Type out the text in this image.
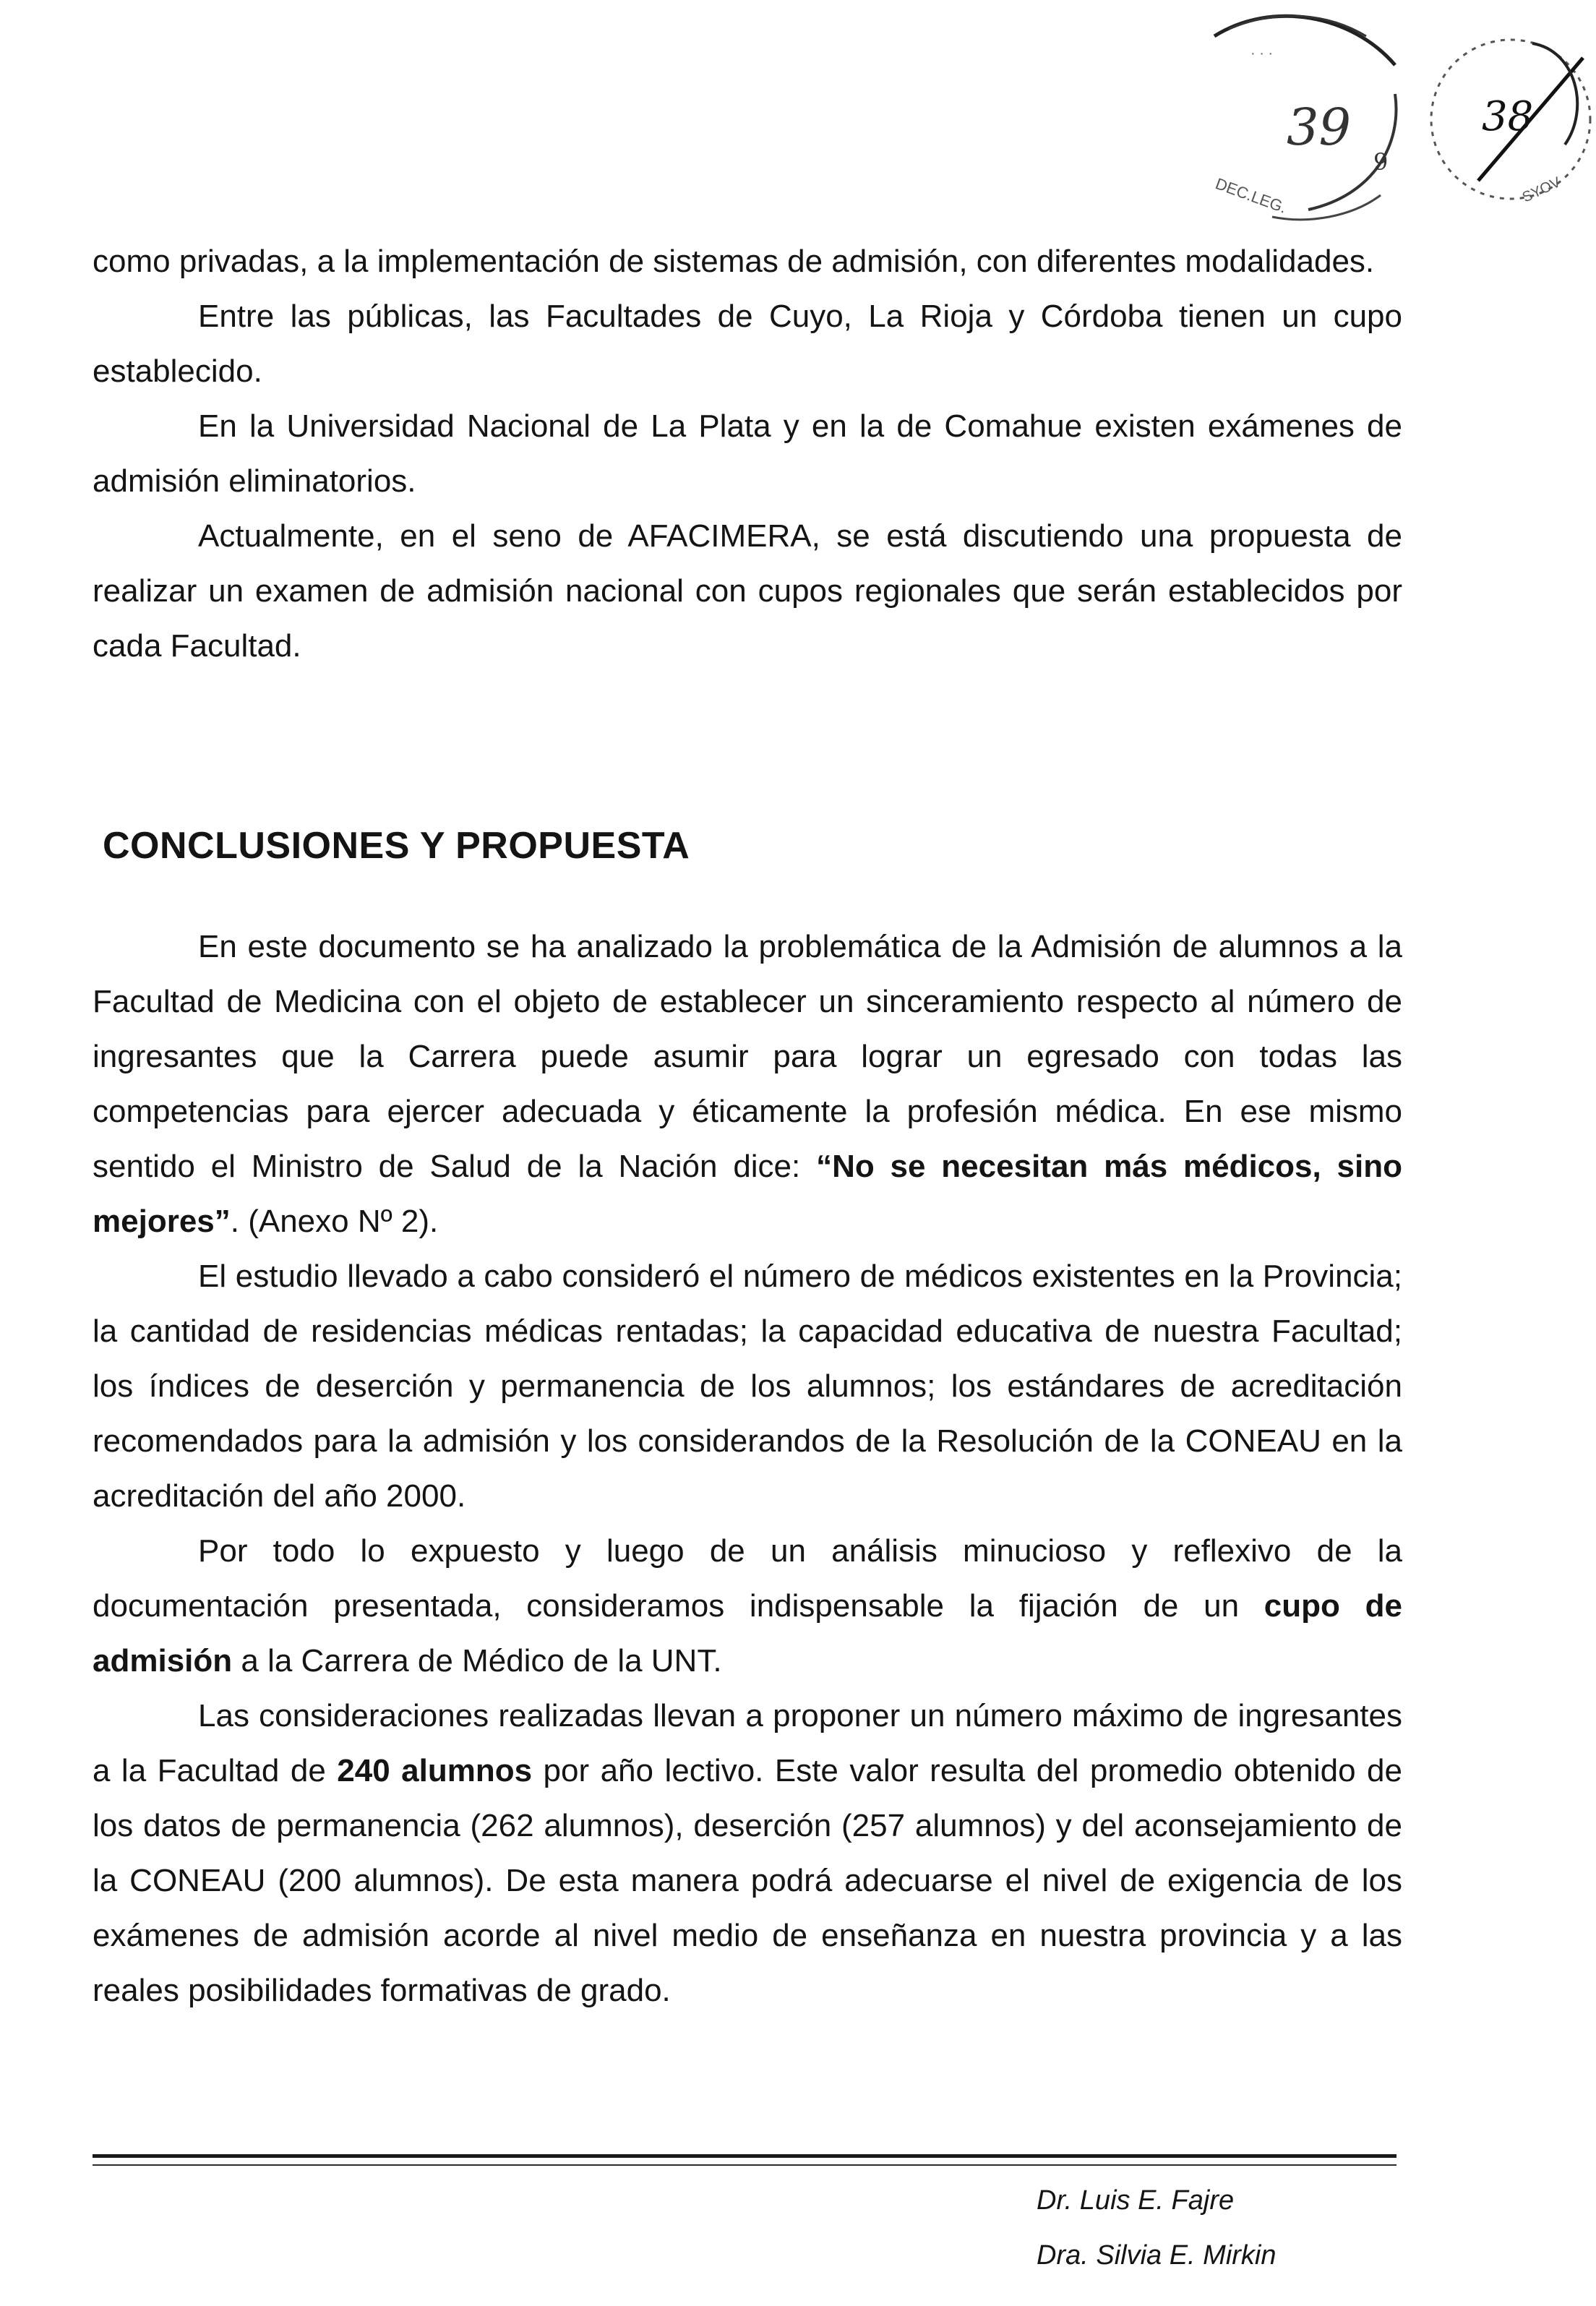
DEC.LEG.
· · ·
39
9
38
SYOV

como privadas, a la implementación de sistemas de admisión, con diferentes modalidades.

Entre las públicas, las Facultades de Cuyo, La Rioja y Córdoba tienen un cupo establecido.

En la Universidad Nacional de La Plata y en la de Comahue existen exámenes de admisión eliminatorios.

Actualmente, en el seno de AFACIMERA, se está discutiendo una propuesta de realizar un examen de admisión nacional con cupos regionales que serán establecidos por cada Facultad.

CONCLUSIONES Y PROPUESTA

En este documento se ha analizado la problemática de la Admisión de alumnos a la Facultad de Medicina con el objeto de establecer un sinceramiento respecto al número de ingresantes que la Carrera puede asumir para lograr un egresado con todas las competencias para ejercer adecuada y éticamente la profesión médica. En ese mismo sentido el Ministro de Salud de la Nación dice: “No se necesitan más médicos, sino mejores”. (Anexo Nº 2).

El estudio llevado a cabo consideró el número de médicos existentes en la Provincia; la cantidad de residencias médicas rentadas; la capacidad educativa de nuestra Facultad; los índices de deserción y permanencia de los alumnos; los estándares de acreditación recomendados para la admisión y los considerandos de la Resolución de la CONEAU en la acreditación del año 2000.

Por todo lo expuesto y luego de un análisis minucioso y reflexivo de la documentación presentada, consideramos indispensable la fijación de un cupo de admisión a la Carrera de Médico de la UNT.

Las consideraciones realizadas llevan a proponer un número máximo de ingresantes a la Facultad de 240 alumnos por año lectivo. Este valor resulta del promedio obtenido de los datos de permanencia (262 alumnos), deserción (257 alumnos) y del aconsejamiento de la CONEAU (200 alumnos). De esta manera podrá adecuarse el nivel de exigencia de los exámenes de admisión acorde al nivel medio de enseñanza en nuestra provincia y a las reales posibilidades formativas de grado.

Dr. Luis E. Fajre
Dra. Silvia E. Mirkin
